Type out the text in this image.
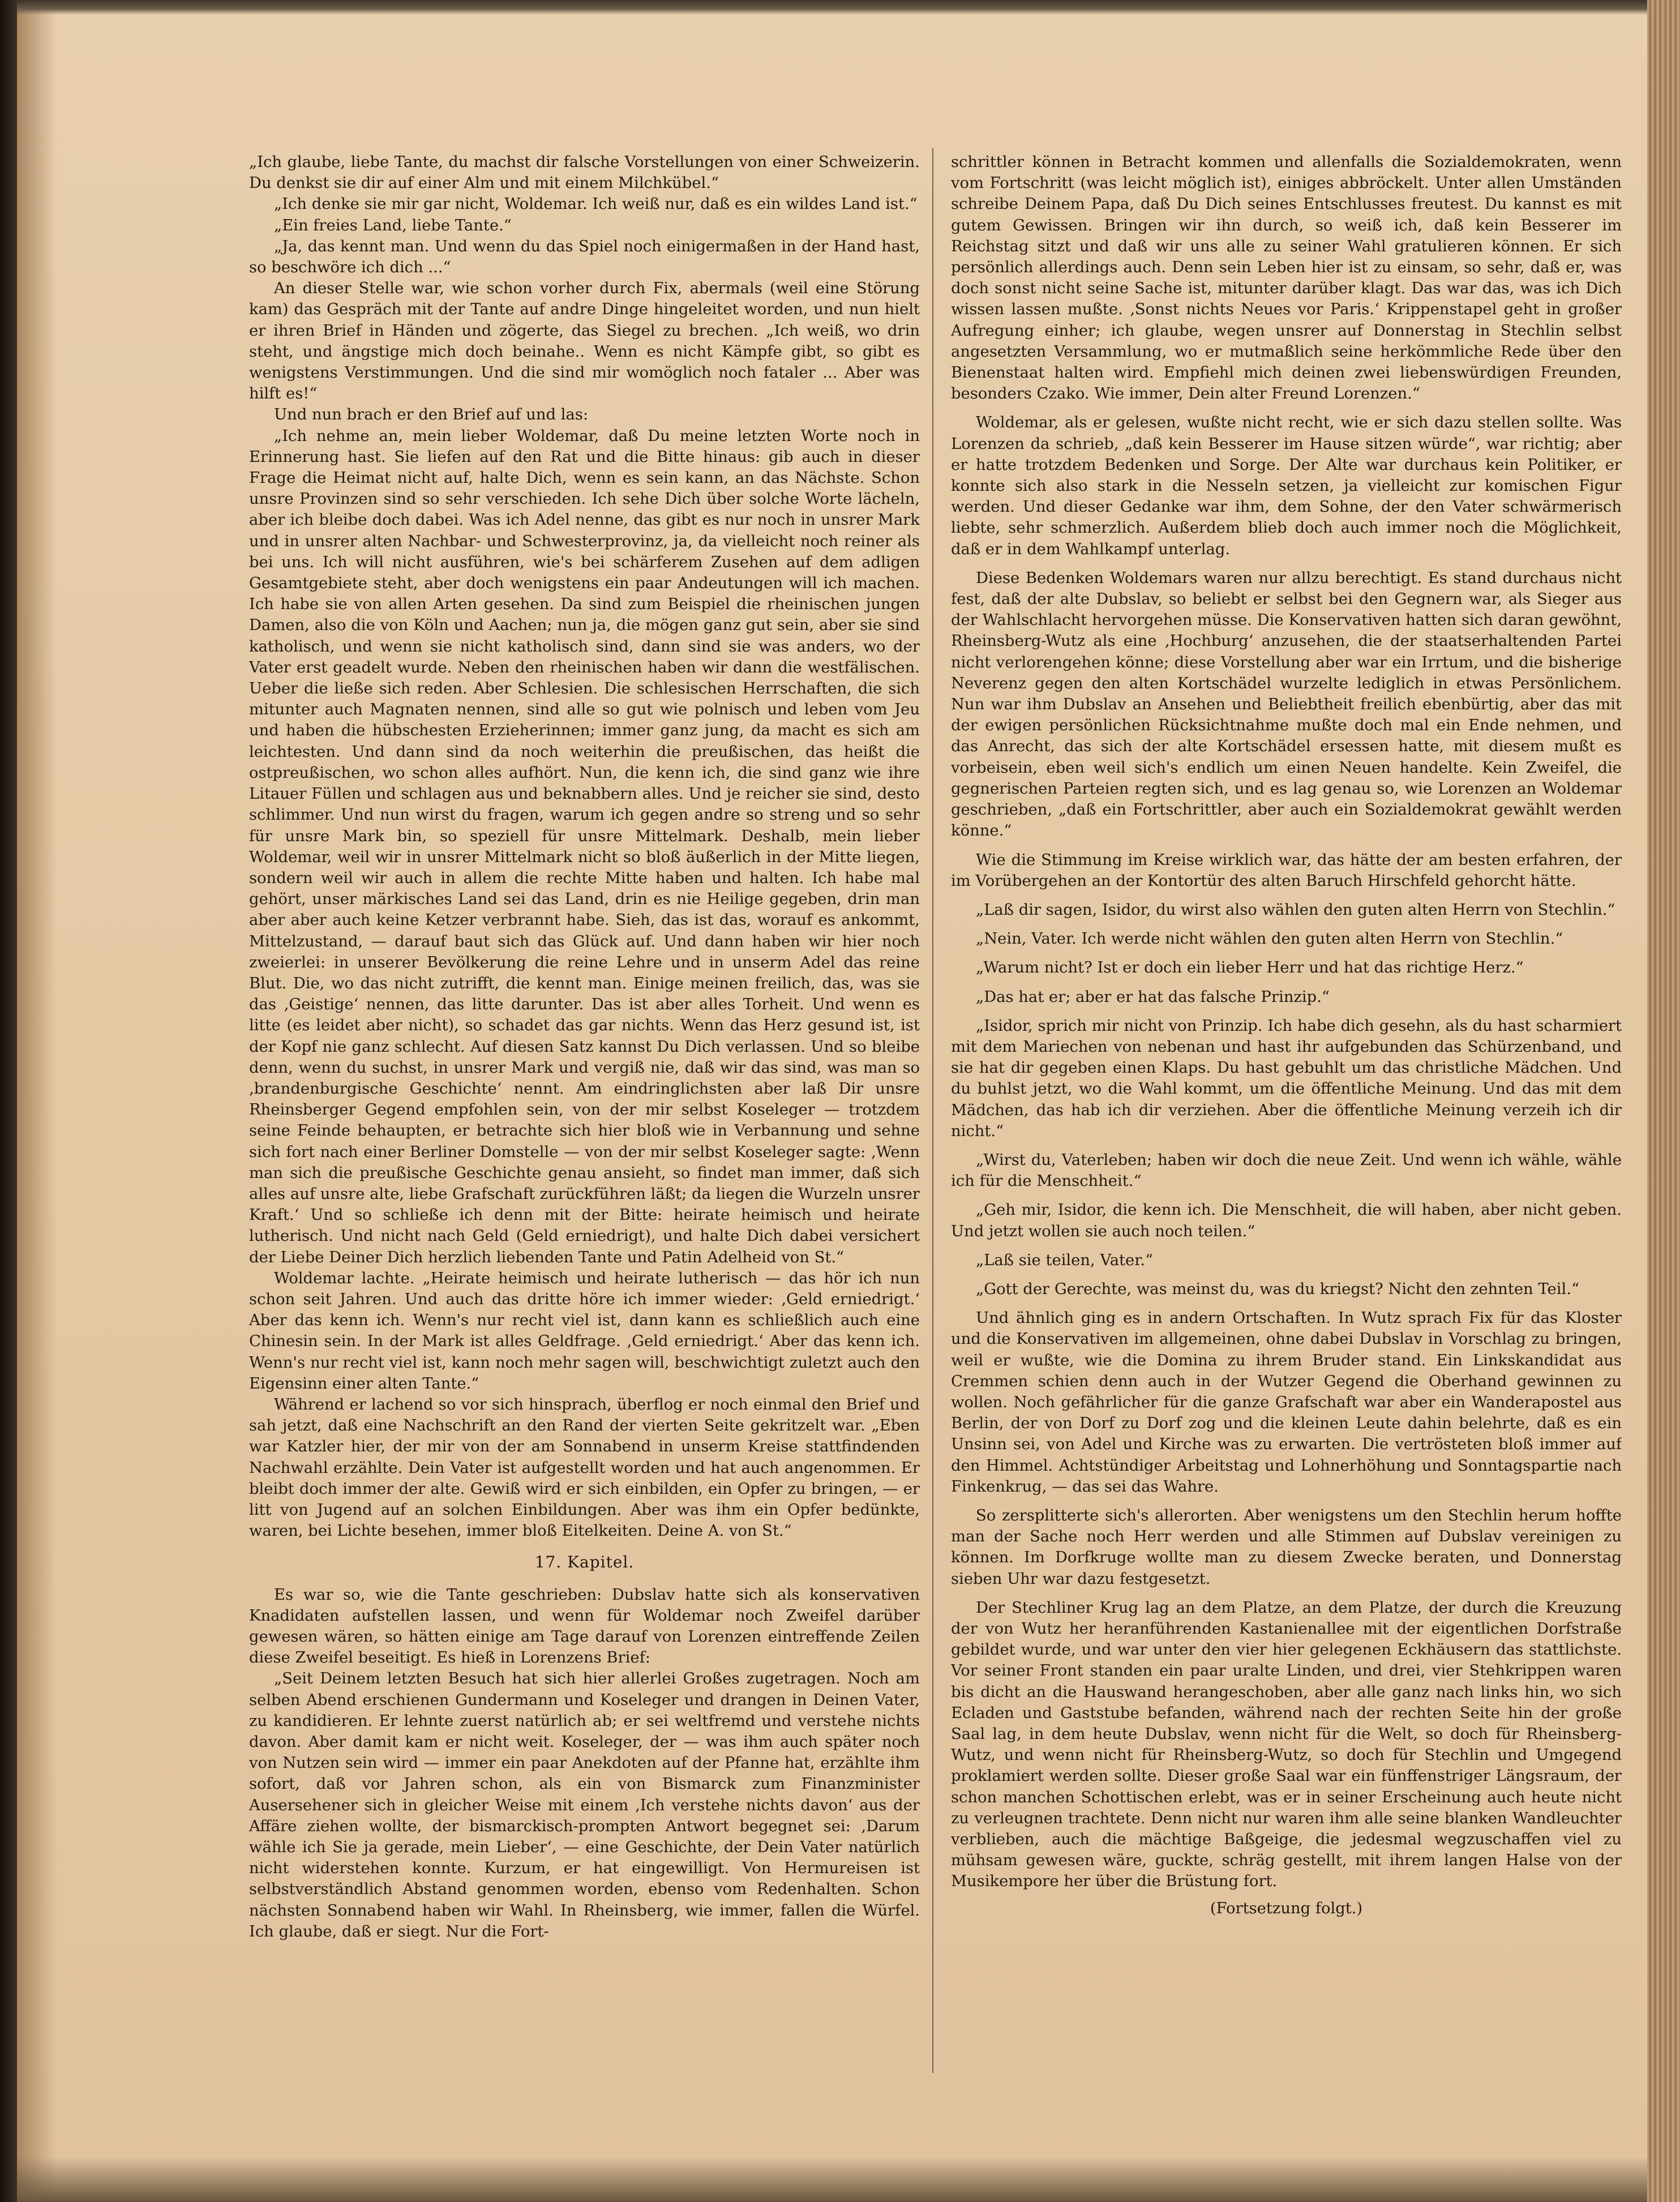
„Ich glaube, liebe Tante, du machst dir falsche Vorstellungen von einer Schweizerin. Du denkst sie dir auf einer Alm und mit einem Milchkübel.“

„Ich denke sie mir gar nicht, Woldemar. Ich weiß nur, daß es ein wildes Land ist.“

„Ein freies Land, liebe Tante.“

„Ja, das kennt man. Und wenn du das Spiel noch einigermaßen in der Hand hast, so beschwöre ich dich ...“

An dieser Stelle war, wie schon vorher durch Fix, abermals (weil eine Störung kam) das Gespräch mit der Tante auf andre Dinge hingeleitet worden, und nun hielt er ihren Brief in Händen und zögerte, das Siegel zu brechen. „Ich weiß, wo drin steht, und ängstige mich doch beinahe.. Wenn es nicht Kämpfe gibt, so gibt es wenigstens Verstimmungen. Und die sind mir womöglich noch fataler ... Aber was hilft es!“

Und nun brach er den Brief auf und las:

„Ich nehme an, mein lieber Woldemar, daß Du meine letzten Worte noch in Erinnerung hast. Sie liefen auf den Rat und die Bitte hinaus: gib auch in dieser Frage die Heimat nicht auf, halte Dich, wenn es sein kann, an das Nächste. Schon unsre Provinzen sind so sehr verschieden. Ich sehe Dich über solche Worte lächeln, aber ich bleibe doch dabei. Was ich Adel nenne, das gibt es nur noch in unsrer Mark und in unsrer alten Nachbar- und Schwesterprovinz, ja, da vielleicht noch reiner als bei uns. Ich will nicht ausführen, wie's bei schärferem Zusehen auf dem adligen Gesamtgebiete steht, aber doch wenigstens ein paar Andeutungen will ich machen. Ich habe sie von allen Arten gesehen. Da sind zum Beispiel die rheinischen jungen Damen, also die von Köln und Aachen; nun ja, die mögen ganz gut sein, aber sie sind katholisch, und wenn sie nicht katholisch sind, dann sind sie was anders, wo der Vater erst geadelt wurde. Neben den rheinischen haben wir dann die westfälischen. Ueber die ließe sich reden. Aber Schlesien. Die schlesischen Herrschaften, die sich mitunter auch Magnaten nennen, sind alle so gut wie polnisch und leben vom Jeu und haben die hübschesten Erzieherinnen; immer ganz jung, da macht es sich am leichtesten. Und dann sind da noch weiterhin die preußischen, das heißt die ostpreußischen, wo schon alles aufhört. Nun, die kenn ich, die sind ganz wie ihre Litauer Füllen und schlagen aus und beknabbern alles. Und je reicher sie sind, desto schlimmer. Und nun wirst du fragen, warum ich gegen andre so streng und so sehr für unsre Mark bin, so speziell für unsre Mittelmark. Deshalb, mein lieber Woldemar, weil wir in unsrer Mittelmark nicht so bloß äußerlich in der Mitte liegen, sondern weil wir auch in allem die rechte Mitte haben und halten. Ich habe mal gehört, unser märkisches Land sei das Land, drin es nie Heilige gegeben, drin man aber aber auch keine Ketzer verbrannt habe. Sieh, das ist das, worauf es ankommt, Mittelzustand, — darauf baut sich das Glück auf. Und dann haben wir hier noch zweierlei: in unserer Bevölkerung die reine Lehre und in unserm Adel das reine Blut. Die, wo das nicht zutrifft, die kennt man. Einige meinen freilich, das, was sie das ‚Geistige‘ nennen, das litte darunter. Das ist aber alles Torheit. Und wenn es litte (es leidet aber nicht), so schadet das gar nichts. Wenn das Herz gesund ist, ist der Kopf nie ganz schlecht. Auf diesen Satz kannst Du Dich verlassen. Und so bleibe denn, wenn du suchst, in unsrer Mark und vergiß nie, daß wir das sind, was man so ‚brandenburgische Geschichte‘ nennt. Am eindringlichsten aber laß Dir unsre Rheinsberger Gegend empfohlen sein, von der mir selbst Koseleger — trotzdem seine Feinde behaupten, er betrachte sich hier bloß wie in Verbannung und sehne sich fort nach einer Berliner Domstelle — von der mir selbst Koseleger sagte: ‚Wenn man sich die preußische Geschichte genau ansieht, so findet man immer, daß sich alles auf unsre alte, liebe Grafschaft zurückführen läßt; da liegen die Wurzeln unsrer Kraft.‘ Und so schließe ich denn mit der Bitte: heirate heimisch und heirate lutherisch. Und nicht nach Geld (Geld erniedrigt), und halte Dich dabei versichert der Liebe Deiner Dich herzlich liebenden Tante und Patin Adelheid von St.“

Woldemar lachte. „Heirate heimisch und heirate lutherisch — das hör ich nun schon seit Jahren. Und auch das dritte höre ich immer wieder: ‚Geld erniedrigt.‘ Aber das kenn ich. Wenn's nur recht viel ist, dann kann es schließlich auch eine Chinesin sein. In der Mark ist alles Geldfrage. ‚Geld erniedrigt.‘ Aber das kenn ich. Wenn's nur recht viel ist, kann noch mehr sagen will, beschwichtigt zuletzt auch den Eigensinn einer alten Tante.“

Während er lachend so vor sich hinsprach, überflog er noch einmal den Brief und sah jetzt, daß eine Nachschrift an den Rand der vierten Seite gekritzelt war. „Eben war Katzler hier, der mir von der am Sonnabend in unserm Kreise stattfindenden Nachwahl erzählte. Dein Vater ist aufgestellt worden und hat auch angenommen. Er bleibt doch immer der alte. Gewiß wird er sich einbilden, ein Opfer zu bringen, — er litt von Jugend auf an solchen Einbildungen. Aber was ihm ein Opfer bedünkte, waren, bei Lichte besehen, immer bloß Eitelkeiten. Deine A. von St.“

17. Kapitel.

Es war so, wie die Tante geschrieben: Dubslav hatte sich als konservativen Knadidaten aufstellen lassen, und wenn für Woldemar noch Zweifel darüber gewesen wären, so hätten einige am Tage darauf von Lorenzen eintreffende Zeilen diese Zweifel beseitigt. Es hieß in Lorenzens Brief:

„Seit Deinem letzten Besuch hat sich hier allerlei Großes zugetragen. Noch am selben Abend erschienen Gundermann und Koseleger und drangen in Deinen Vater, zu kandidieren. Er lehnte zuerst natürlich ab; er sei weltfremd und verstehe nichts davon. Aber damit kam er nicht weit. Koseleger, der — was ihm auch später noch von Nutzen sein wird — immer ein paar Anekdoten auf der Pfanne hat, erzählte ihm sofort, daß vor Jahren schon, als ein von Bismarck zum Finanzminister Ausersehener sich in gleicher Weise mit einem ‚Ich verstehe nichts davon‘ aus der Affäre ziehen wollte, der bismarckisch-prompten Antwort begegnet sei: ‚Darum wähle ich Sie ja gerade, mein Lieber‘, — eine Geschichte, der Dein Vater natürlich nicht widerstehen konnte. Kurzum, er hat eingewilligt. Von Hermureisen ist selbstverständlich Abstand genommen worden, ebenso vom Redenhalten. Schon nächsten Sonnabend haben wir Wahl. In Rheinsberg, wie immer, fallen die Würfel. Ich glaube, daß er siegt. Nur die Fort-

schrittler können in Betracht kommen und allenfalls die Sozialdemokraten, wenn vom Fortschritt (was leicht möglich ist), einiges abbröckelt. Unter allen Umständen schreibe Deinem Papa, daß Du Dich seines Entschlusses freutest. Du kannst es mit gutem Gewissen. Bringen wir ihn durch, so weiß ich, daß kein Besserer im Reichstag sitzt und daß wir uns alle zu seiner Wahl gratulieren können. Er sich persönlich allerdings auch. Denn sein Leben hier ist zu einsam, so sehr, daß er, was doch sonst nicht seine Sache ist, mitunter darüber klagt. Das war das, was ich Dich wissen lassen mußte. ‚Sonst nichts Neues vor Paris.‘ Krippenstapel geht in großer Aufregung einher; ich glaube, wegen unsrer auf Donnerstag in Stechlin selbst angesetzten Versammlung, wo er mutmaßlich seine herkömmliche Rede über den Bienenstaat halten wird. Empfiehl mich deinen zwei liebenswürdigen Freunden, besonders Czako. Wie immer, Dein alter Freund Lorenzen.“

Woldemar, als er gelesen, wußte nicht recht, wie er sich dazu stellen sollte. Was Lorenzen da schrieb, „daß kein Besserer im Hause sitzen würde“, war richtig; aber er hatte trotzdem Bedenken und Sorge. Der Alte war durchaus kein Politiker, er konnte sich also stark in die Nesseln setzen, ja vielleicht zur komischen Figur werden. Und dieser Gedanke war ihm, dem Sohne, der den Vater schwärmerisch liebte, sehr schmerzlich. Außerdem blieb doch auch immer noch die Möglichkeit, daß er in dem Wahlkampf unterlag.

Diese Bedenken Woldemars waren nur allzu berechtigt. Es stand durchaus nicht fest, daß der alte Dubslav, so beliebt er selbst bei den Gegnern war, als Sieger aus der Wahlschlacht hervorgehen müsse. Die Konservativen hatten sich daran gewöhnt, Rheinsberg-Wutz als eine ‚Hochburg‘ anzusehen, die der staatserhaltenden Partei nicht verlorengehen könne; diese Vorstellung aber war ein Irrtum, und die bisherige Neverenz gegen den alten Kortschädel wurzelte lediglich in etwas Persönlichem. Nun war ihm Dubslav an Ansehen und Beliebtheit freilich ebenbürtig, aber das mit der ewigen persönlichen Rücksichtnahme mußte doch mal ein Ende nehmen, und das Anrecht, das sich der alte Kortschädel ersessen hatte, mit diesem mußt es vorbeisein, eben weil sich's endlich um einen Neuen handelte. Kein Zweifel, die gegnerischen Parteien regten sich, und es lag genau so, wie Lorenzen an Woldemar geschrieben, „daß ein Fortschrittler, aber auch ein Sozialdemokrat gewählt werden könne.“

Wie die Stimmung im Kreise wirklich war, das hätte der am besten erfahren, der im Vorübergehen an der Kontortür des alten Baruch Hirschfeld gehorcht hätte.

„Laß dir sagen, Isidor, du wirst also wählen den guten alten Herrn von Stechlin.“

„Nein, Vater. Ich werde nicht wählen den guten alten Herrn von Stechlin.“

„Warum nicht? Ist er doch ein lieber Herr und hat das richtige Herz.“

„Das hat er; aber er hat das falsche Prinzip.“

„Isidor, sprich mir nicht von Prinzip. Ich habe dich gesehn, als du hast scharmiert mit dem Mariechen von nebenan und hast ihr aufgebunden das Schürzenband, und sie hat dir gegeben einen Klaps. Du hast gebuhlt um das christliche Mädchen. Und du buhlst jetzt, wo die Wahl kommt, um die öffentliche Meinung. Und das mit dem Mädchen, das hab ich dir verziehen. Aber die öffentliche Meinung verzeih ich dir nicht.“

„Wirst du, Vaterleben; haben wir doch die neue Zeit. Und wenn ich wähle, wähle ich für die Menschheit.“

„Geh mir, Isidor, die kenn ich. Die Menschheit, die will haben, aber nicht geben. Und jetzt wollen sie auch noch teilen.“

„Laß sie teilen, Vater.“

„Gott der Gerechte, was meinst du, was du kriegst? Nicht den zehnten Teil.“

Und ähnlich ging es in andern Ortschaften. In Wutz sprach Fix für das Kloster und die Konservativen im allgemeinen, ohne dabei Dubslav in Vorschlag zu bringen, weil er wußte, wie die Domina zu ihrem Bruder stand. Ein Linkskandidat aus Cremmen schien denn auch in der Wutzer Gegend die Oberhand gewinnen zu wollen. Noch gefährlicher für die ganze Grafschaft war aber ein Wanderapostel aus Berlin, der von Dorf zu Dorf zog und die kleinen Leute dahin belehrte, daß es ein Unsinn sei, von Adel und Kirche was zu erwarten. Die vertrösteten bloß immer auf den Himmel. Achtstündiger Arbeitstag und Lohnerhöhung und Sonntagspartie nach Finkenkrug, — das sei das Wahre.

So zersplitterte sich's allerorten. Aber wenigstens um den Stechlin herum hoffte man der Sache noch Herr werden und alle Stimmen auf Dubslav vereinigen zu können. Im Dorfkruge wollte man zu diesem Zwecke beraten, und Donnerstag sieben Uhr war dazu festgesetzt.

Der Stechliner Krug lag an dem Platze, an dem Platze, der durch die Kreuzung der von Wutz her heranführenden Kastanienallee mit der eigentlichen Dorfstraße gebildet wurde, und war unter den vier hier gelegenen Eckhäusern das stattlichste. Vor seiner Front standen ein paar uralte Linden, und drei, vier Stehkrippen waren bis dicht an die Hauswand herangeschoben, aber alle ganz nach links hin, wo sich Ecladen und Gaststube befanden, während nach der rechten Seite hin der große Saal lag, in dem heute Dubslav, wenn nicht für die Welt, so doch für Rheinsberg-Wutz, und wenn nicht für Rheinsberg-Wutz, so doch für Stechlin und Umgegend proklamiert werden sollte. Dieser große Saal war ein fünffenstriger Längsraum, der schon manchen Schottischen erlebt, was er in seiner Erscheinung auch heute nicht zu verleugnen trachtete. Denn nicht nur waren ihm alle seine blanken Wandleuchter verblieben, auch die mächtige Baßgeige, die jedesmal wegzuschaffen viel zu mühsam gewesen wäre, guckte, schräg gestellt, mit ihrem langen Halse von der Musikempore her über die Brüstung fort.

(Fortsetzung folgt.)
